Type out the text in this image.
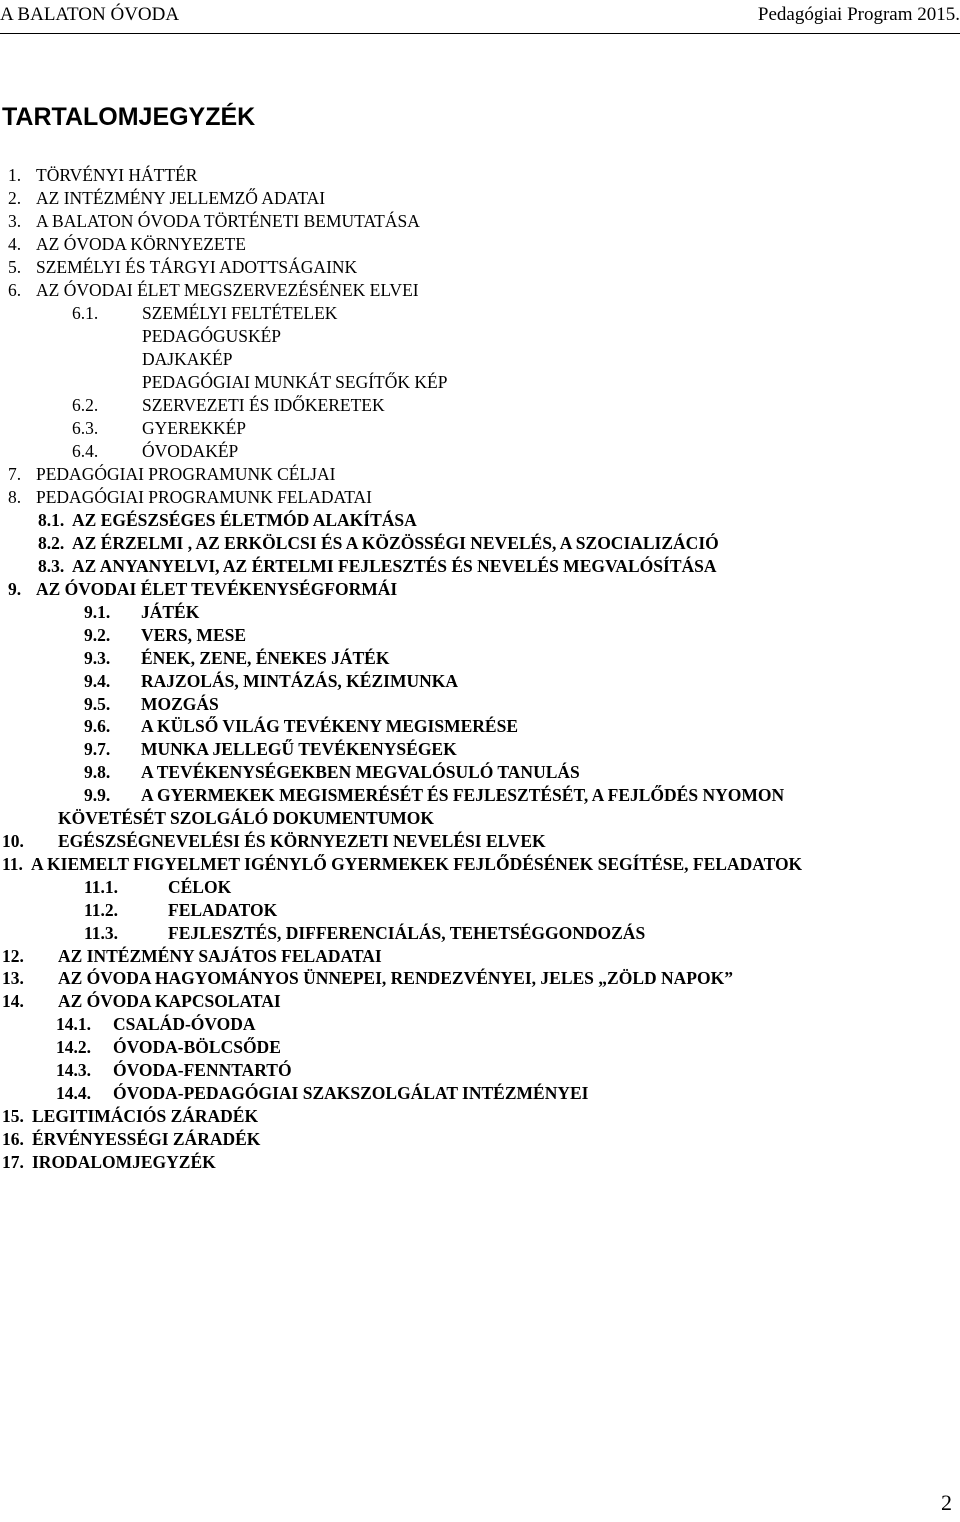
A BALATON ÓVODA	Pedagógiai Program 2015.
TARTALOMJEGYZÉK
1. TÖRVÉNYI HÁTTÉR
2. AZ INTÉZMÉNY JELLEMZŐ ADATAI
3. A BALATON ÓVODA TÖRTÉNETI BEMUTATÁSA
4. AZ ÓVODA KÖRNYEZETE
5. SZEMÉLYI ÉS TÁRGYI ADOTTSÁGAINK
6. AZ ÓVODAI ÉLET MEGSZERVEZÉSÉNEK ELVEI
6.1.	SZEMÉLYI FELTÉTELEK
PEDAGÓGUSKÉP
DAJKAKÉP
PEDAGÓGIAI MUNKÁT SEGÍTŐK KÉP
6.2.	SZERVEZETI ÉS IDŐKERETEK
6.3.	GYEREKKÉP
6.4.	ÓVODAKÉP
7. PEDAGÓGIAI PROGRAMUNK CÉLJAI
8. PEDAGÓGIAI PROGRAMUNK FELADATAI
8.1. AZ EGÉSZSÉGES ÉLETMÓD ALAKÍTÁSA
8.2. AZ ÉRZELMI , AZ ERKÖLCSI ÉS A KÖZÖSSÉGI NEVELÉS, A SZOCIALIZÁCIÓ
8.3. AZ ANYANYELVI, AZ ÉRTELMI FEJLESZTÉS ÉS NEVELÉS MEGVALÓSÍTÁSA
9. AZ ÓVODAI ÉLET TEVÉKENYSÉGFORMÁI
9.1. JÁTÉK
9.2. VERS, MESE
9.3. ÉNEK, ZENE, ÉNEKES JÁTÉK
9.4. RAJZOLÁS, MINTÁZÁS, KÉZIMUNKA
9.5. MOZGÁS
9.6. A KÜLSŐ VILÁG TEVÉKENY MEGISMERÉSE
9.7. MUNKA JELLEGŰ TEVÉKENYSÉGEK
9.8. A TEVÉKENYSÉGEKBEN MEGVALÓSULÓ TANULÁS
9.9. A GYERMEKEK MEGISMERÉSÉT ÉS FEJLESZTÉSÉT, A FEJLŐDÉS NYOMON
KÖVETÉSÉT SZOLGÁLÓ DOKUMENTUMOK
10. EGÉSZSÉGNEVELÉSI ÉS KÖRNYEZETI NEVELÉSI ELVEK
11. A KIEMELT FIGYELMET IGÉNYLŐ GYERMEKEK FEJLŐDÉSÉNEK SEGÍTÉSE, FELADATOK
11.1.	CÉLOK
11.2.	FELADATOK
11.3.	FEJLESZTÉS, DIFFERENCIÁLÁS, TEHETSÉGGONDOZÁS
12. AZ INTÉZMÉNY SAJÁTOS FELADATAI
13. AZ ÓVODA HAGYOMÁNYOS ÜNNEPEI, RENDEZVÉNYEI, JELES „ZÖLD NAPOK”
14. AZ ÓVODA KAPCSOLATAI
14.1. CSALÁD-ÓVODA
14.2. ÓVODA-BÖLCSŐDE
14.3. ÓVODA-FENNTARTÓ
14.4. ÓVODA-PEDAGÓGIAI SZAKSZOLGÁLAT INTÉZMÉNYEI
15. LEGITIMÁCIÓS ZÁRADÉK
16. ÉRVÉNYESSÉGI ZÁRADÉK
17. IRODALOMJEGYZÉK
2
